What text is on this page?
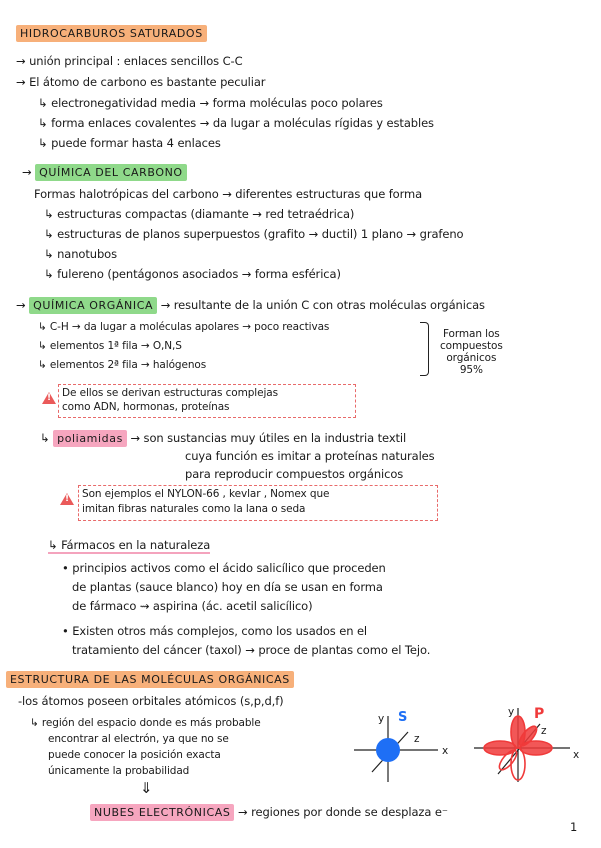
HIDROCARBUROS SATURADOS
→ unión principal : enlaces sencillos C-C
→ El átomo de carbono es bastante peculiar
↳ electronegatividad media → forma moléculas poco polares
↳ forma enlaces covalentes → da lugar a moléculas rígidas y estables
↳ puede formar hasta 4 enlaces
→ QUÍMICA DEL CARBONO
Formas halotrópicas del carbono → diferentes estructuras que forma
↳ estructuras compactas (diamante → red tetraédrica)
↳ estructuras de planos superpuestos (grafito → ductil) 1 plano → grafeno
↳ nanotubos
↳ fulereno (pentágonos asociados → forma esférica)
→ QUÍMICA ORGÁNICA → resultante de la unión C con otras moléculas orgánicas
↳ C-H → da lugar a moléculas apolares → poco reactivas
↳ elementos 1ª fila → O,N,S
↳ elementos 2ª fila → halógenos
Forman los
compuestos
orgánicos
95%
!
De ellos se derivan estructuras complejas
como ADN, hormonas, proteínas
↳ poliamidas → son sustancias muy útiles en la industria textil
cuya función es imitar a proteínas naturales
para reproducir compuestos orgánicos
!
Son ejemplos el NYLON-66 , kevlar , Nomex que
imitan fibras naturales como la lana o seda
↳ Fármacos en la naturaleza
• principios activos como el ácido salicílico que proceden
de plantas (sauce blanco) hoy en día se usan en forma
de fármaco ⇝ aspirina (ác. acetil salicílico)
• Existen otros más complejos, como los usados en el
tratamiento del cáncer (taxol) → proce de plantas como el Tejo.
ESTRUCTURA DE LAS MOLÉCULAS ORGÁNICAS
-los átomos poseen orbitales atómicos (s,p,d,f)
↳ región del espacio donde es más probable
encontrar al electrón, ya que no se
puede conocer la posición exacta
únicamente la probabilidad
⇓
NUBES ELECTRÓNICAS → regiones por donde se desplaza e⁻
y
z
x
S	y
z
x
P
1
